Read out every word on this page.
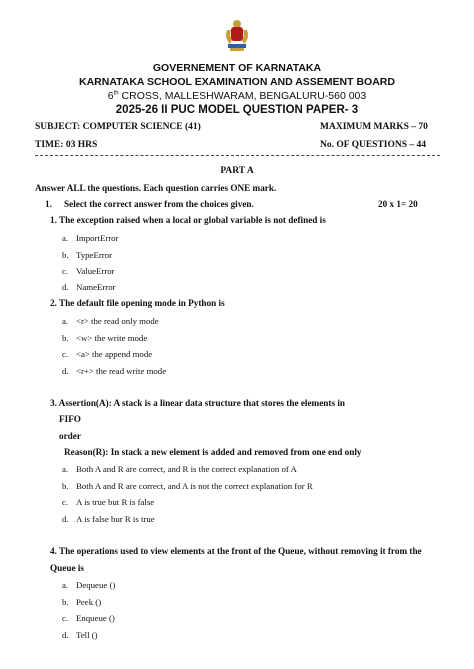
GOVERNEMENT OF KARNATAKA
KARNATAKA SCHOOL EXAMINATION AND ASSEMENT BOARD
6th CROSS, MALLESHWARAM, BENGALURU-560 003
2025-26 II PUC MODEL QUESTION PAPER- 3
SUBJECT: COMPUTER SCIENCE (41)	MAXIMUM MARKS – 70
TIME: 03 HRS	No. OF QUESTIONS – 44
PART A
Answer ALL the questions. Each question carries ONE mark.
1. Select the correct answer from the choices given.	20 x 1= 20
1. The exception raised when a local or global variable is not defined is
a. ImportError
b. TypeError
c. ValueError
d. NameError
2. The default file opening mode in Python is
a. <r> the read only mode
b. <w> the write mode
c. <a> the append mode
d. <r+> the read write mode
3. Assertion(A): A stack is a linear data structure that stores the elements in
FIFO
order
Reason(R): In stack a new element is added and removed from one end only
a. Both A and R are correct, and R is the correct explanation of A
b. Both A and R are correct, and A is not the correct explanation for R
c. A is true but R is false
d. A is false bur R is true
4. The operations used to view elements at the front of the Queue, without removing it from the
Queue is
a. Dequeue ()
b. Peek ()
c. Enqueue ()
d. Tell ()
